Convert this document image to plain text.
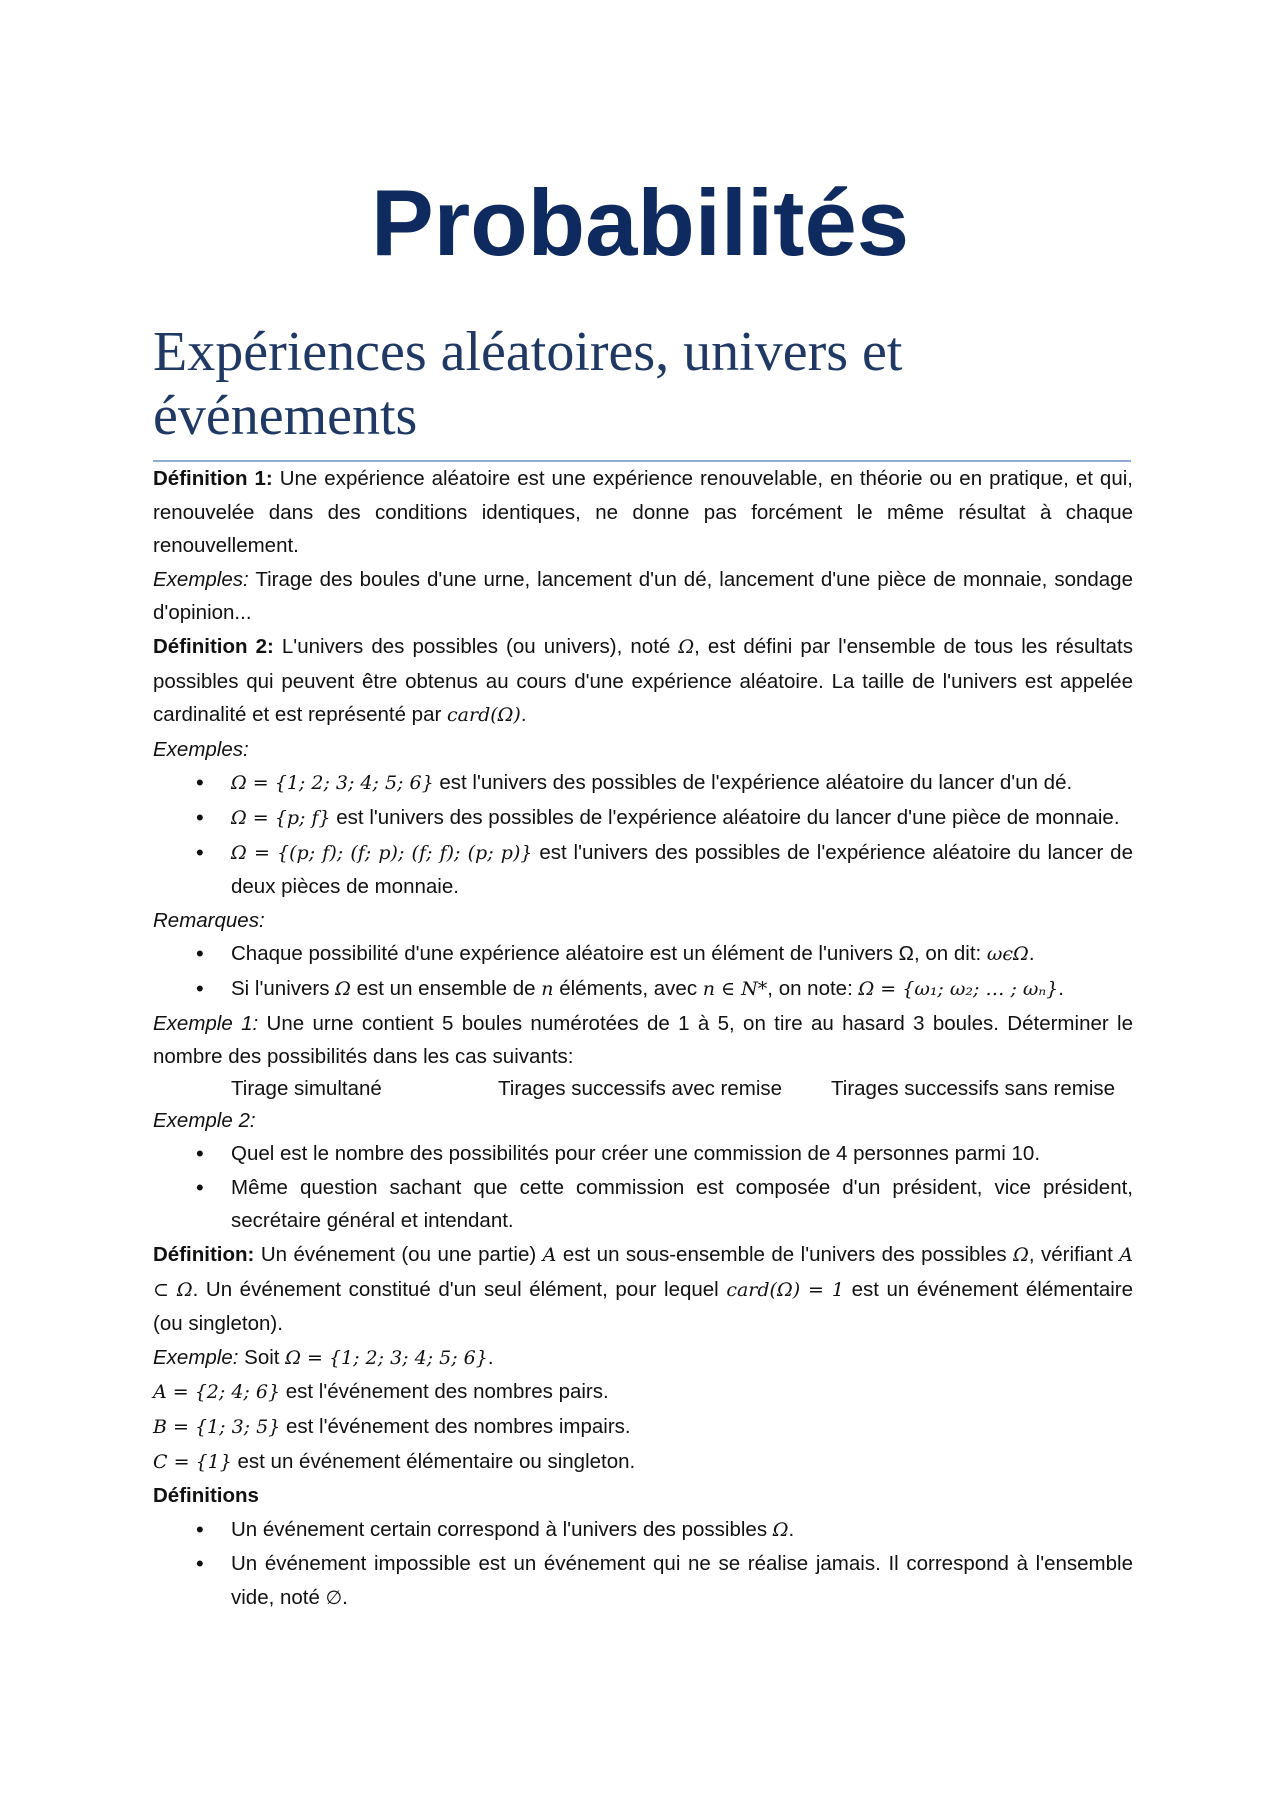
Probabilités
Expériences aléatoires, univers et événements

Définition 1: Une expérience aléatoire est une expérience renouvelable, en théorie ou en pratique, et qui, renouvelée dans des conditions identiques, ne donne pas forcément le même résultat à chaque renouvellement.

Exemples: Tirage des boules d'une urne, lancement d'un dé, lancement d'une pièce de monnaie, sondage d'opinion...

Définition 2: L'univers des possibles (ou univers), noté Ω, est défini par l'ensemble de tous les résultats possibles qui peuvent être obtenus au cours d'une expérience aléatoire. La taille de l'univers est appelée cardinalité et est représenté par card(Ω).

Exemples:

• Ω = {1; 2; 3; 4; 5; 6} est l'univers des possibles de l'expérience aléatoire du lancer d'un dé.
• Ω = {p; f} est l'univers des possibles de l'expérience aléatoire du lancer d'une pièce de monnaie.
• Ω = {(p; f); (f; p); (f; f); (p; p)} est l'univers des possibles de l'expérience aléatoire du lancer de deux pièces de monnaie.

Remarques:

• Chaque possibilité d'une expérience aléatoire est un élément de l'univers Ω, on dit: ωϵΩ.
• Si l'univers Ω est un ensemble de n éléments, avec n ∈ N*, on note: Ω = {ω₁; ω₂; … ; ωₙ}.

Exemple 1: Une urne contient 5 boules numérotées de 1 à 5, on tire au hasard 3 boules. Déterminer le nombre des possibilités dans les cas suivants:

Tirage simultané	Tirages successifs avec remise	Tirages successifs sans remise

Exemple 2:

• Quel est le nombre des possibilités pour créer une commission de 4 personnes parmi 10.
• Même question sachant que cette commission est composée d'un président, vice président, secrétaire général et intendant.

Définition: Un événement (ou une partie) A est un sous-ensemble de l'univers des possibles Ω, vérifiant A ⊂ Ω. Un événement constitué d'un seul élément, pour lequel card(Ω) = 1 est un événement élémentaire (ou singleton).

Exemple: Soit Ω = {1; 2; 3; 4; 5; 6}.

A = {2; 4; 6} est l'événement des nombres pairs.

B = {1; 3; 5} est l'événement des nombres impairs.

C = {1} est un événement élémentaire ou singleton.

Définitions

• Un événement certain correspond à l'univers des possibles Ω.
• Un événement impossible est un événement qui ne se réalise jamais. Il correspond à l'ensemble vide, noté ∅.
